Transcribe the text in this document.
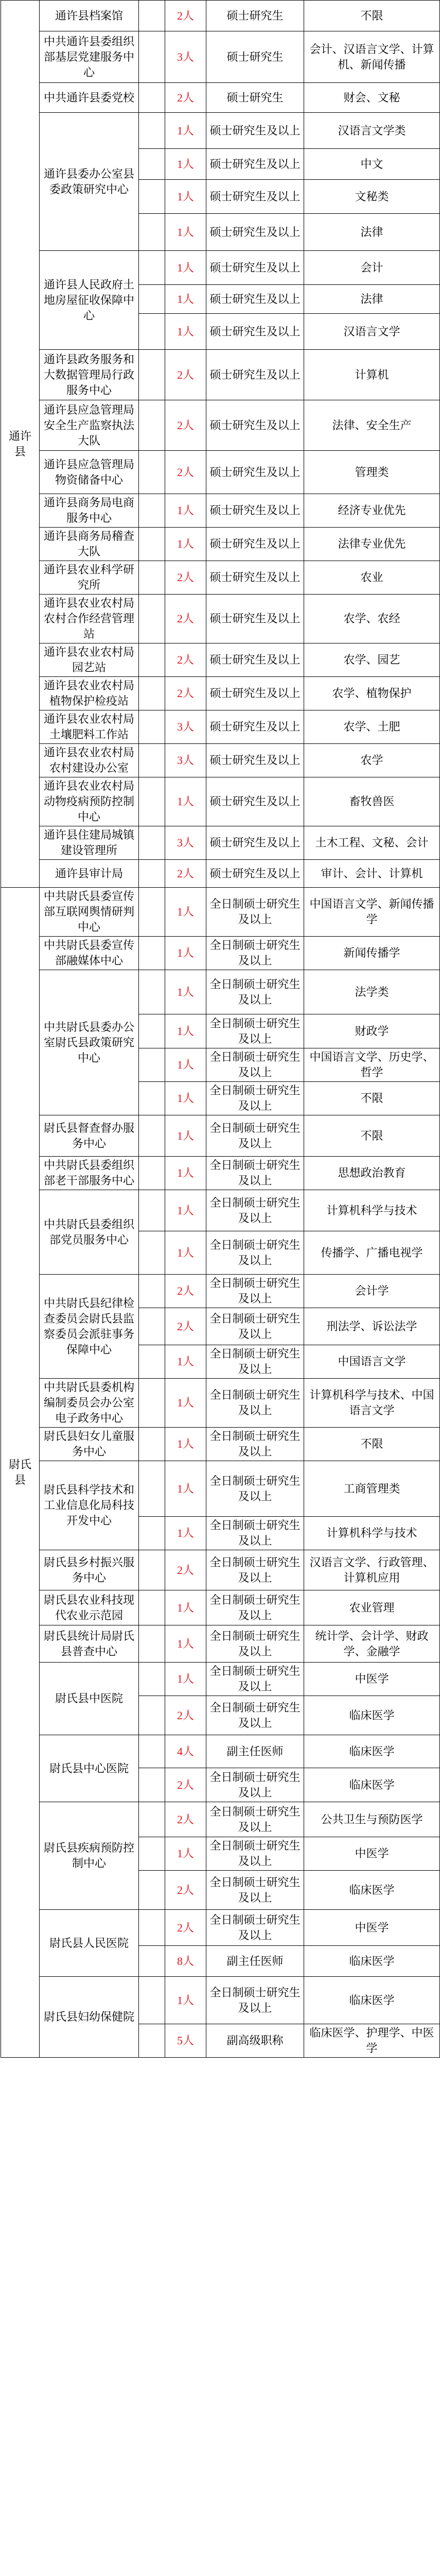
通许县	通许县档案馆		2人	硕士研究生	不限
	中共通许县委组织部基层党建服务中心		3人	硕士研究生	会计、汉语言文学、计算机、新闻传播
	中共通许县委党校		2人	硕士研究生	财会、文秘
	通许县委办公室县委政策研究中心		1人	硕士研究生及以上	汉语言文学类
			1人	硕士研究生及以上	中文
			1人	硕士研究生及以上	文秘类
			1人	硕士研究生及以上	法律
	通许县人民政府土地房屋征收保障中心		1人	硕士研究生及以上	会计
			1人	硕士研究生及以上	法律
			1人	硕士研究生及以上	汉语言文学
	通许县政务服务和大数据管理局行政服务中心		2人	硕士研究生及以上	计算机
	通许县应急管理局安全生产监察执法大队		2人	硕士研究生及以上	法律、安全生产
	通许县应急管理局物资储备中心		2人	硕士研究生及以上	管理类
	通许县商务局电商服务中心		1人	硕士研究生及以上	经济专业优先
	通许县商务局稽查大队		1人	硕士研究生及以上	法律专业优先
	通许县农业科学研究所		2人	硕士研究生及以上	农业
	通许县农业农村局农村合作经营管理站		2人	硕士研究生及以上	农学、农经
	通许县农业农村局园艺站		2人	硕士研究生及以上	农学、园艺
	通许县农业农村局植物保护检疫站		2人	硕士研究生及以上	农学、植物保护
	通许县农业农村局土壤肥料工作站		3人	硕士研究生及以上	农学、土肥
	通许县农业农村局农村建设办公室		3人	硕士研究生及以上	农学
	通许县农业农村局动物疫病预防控制中心		1人	硕士研究生及以上	畜牧兽医
	通许县住建局城镇建设管理所		3人	硕士研究生及以上	土木工程、文秘、会计
	通许县审计局		2人	硕士研究生及以上	审计、会计、计算机
尉氏县	中共尉氏县委宣传部互联网舆情研判中心		1人	全日制硕士研究生及以上	中国语言文学、新闻传播学
	中共尉氏县委宣传部融媒体中心		1人	全日制硕士研究生及以上	新闻传播学
	中共尉氏县委办公室尉氏县政策研究中心		1人	全日制硕士研究生及以上	法学类
			1人	全日制硕士研究生及以上	财政学
			1人	全日制硕士研究生及以上	中国语言文学、历史学、哲学
			1人	全日制硕士研究生及以上	不限
	尉氏县督查督办服务中心		1人	全日制硕士研究生及以上	不限
	中共尉氏县委组织部老干部服务中心		1人	全日制硕士研究生及以上	思想政治教育
	中共尉氏县委组织部党员服务中心		1人	全日制硕士研究生及以上	计算机科学与技术
			1人	全日制硕士研究生及以上	传播学、广播电视学
	中共尉氏县纪律检查委员会尉氏县监察委员会派驻事务保障中心		2人	全日制硕士研究生及以上	会计学
			2人	全日制硕士研究生及以上	刑法学、诉讼法学
			1人	全日制硕士研究生及以上	中国语言文学
	中共尉氏县委机构编制委员会办公室电子政务中心		1人	全日制硕士研究生及以上	计算机科学与技术、中国语言文学
	尉氏县妇女儿童服务中心		1人	全日制硕士研究生及以上	不限
	尉氏县科学技术和工业信息化局科技开发中心		1人	全日制硕士研究生及以上	工商管理类
			1人	全日制硕士研究生及以上	计算机科学与技术
	尉氏县乡村振兴服务中心		2人	全日制硕士研究生及以上	汉语言文学、行政管理、计算机应用
	尉氏县农业科技现代农业示范园		1人	全日制硕士研究生及以上	农业管理
	尉氏县统计局尉氏县普查中心		1人	全日制硕士研究生及以上	统计学、会计学、财政学、金融学
	尉氏县中医院		1人	全日制硕士研究生及以上	中医学
			2人	全日制硕士研究生及以上	临床医学
	尉氏县中心医院		4人	副主任医师	临床医学
			2人	全日制硕士研究生及以上	临床医学
	尉氏县疾病预防控制中心		2人	全日制硕士研究生及以上	公共卫生与预防医学
			1人	全日制硕士研究生及以上	中医学
			2人	全日制硕士研究生及以上	临床医学
	尉氏县人民医院		2人	全日制硕士研究生及以上	中医学
			8人	副主任医师	临床医学
	尉氏县妇幼保健院		1人	全日制硕士研究生及以上	临床医学
			5人	副高级职称	临床医学、护理学、中医学
